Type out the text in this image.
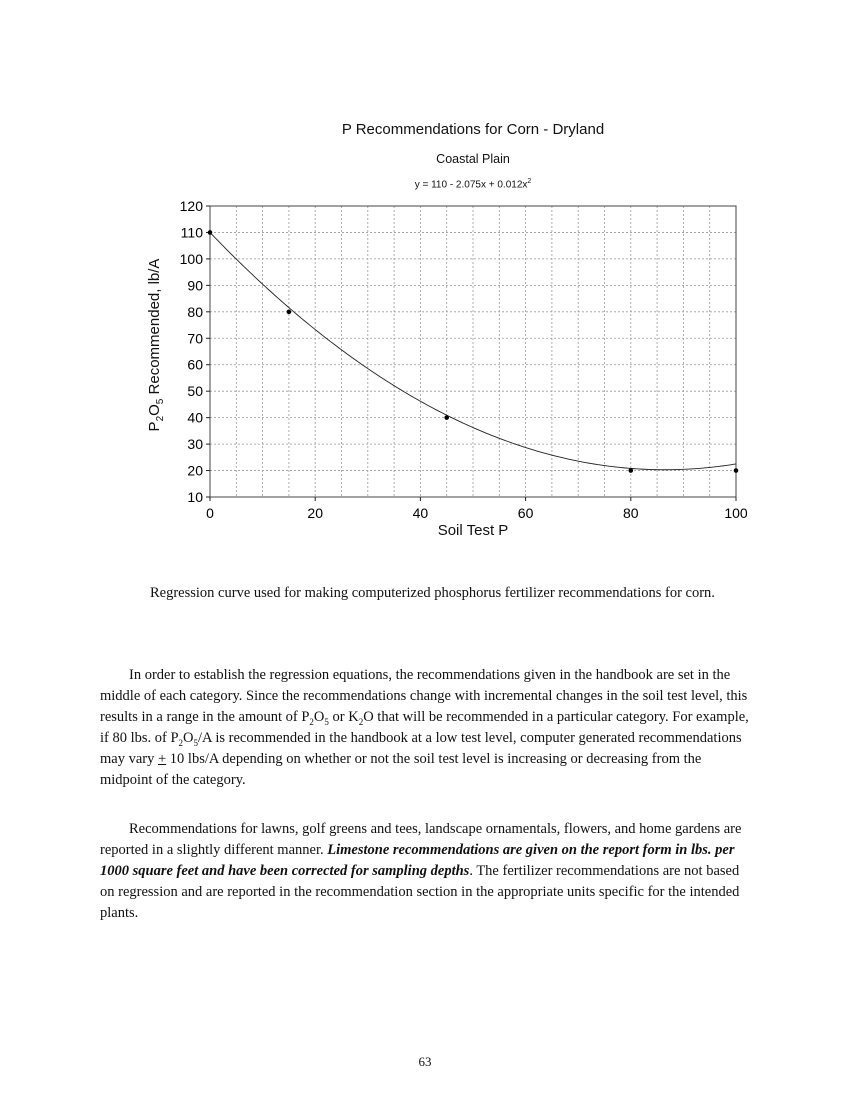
P Recommendations for Corn - Dryland
Coastal Plain
$y = 110 - 2.075x + 0.012x^2$
10
20
30
40
50
60
70
80
90
100
110
120
0	20	40	60	80	100
$P_2O_5$ Recommended, lb/A
Soil Test P

Regression curve used for making computerized phosphorus fertilizer recommendations for corn.

  In order to establish the regression equations, the recommendations given in the handbook are set in the middle of each category. Since the recommendations change with incremental changes in the soil test level, this results in a range in the amount of $P_2O_5$ or $K_2O$ that will be recommended in a particular category. For example, if 80 lbs. of $P_2O_5/A$ is recommended in the handbook at a low test level, computer generated recommendations may vary + 10 lbs/A depending on whether or not the soil test level is increasing or decreasing from the midpoint of the category.

  Recommendations for lawns, golf greens and tees, landscape ornamentals, flowers, and home gardens are reported in a slightly different manner. Limestone recommendations are given on the report form in lbs. per 1000 square feet and have been corrected for sampling depths. The fertilizer recommendations are not based on regression and are reported in the recommendation section in the appropriate units specific for the intended plants.

63
